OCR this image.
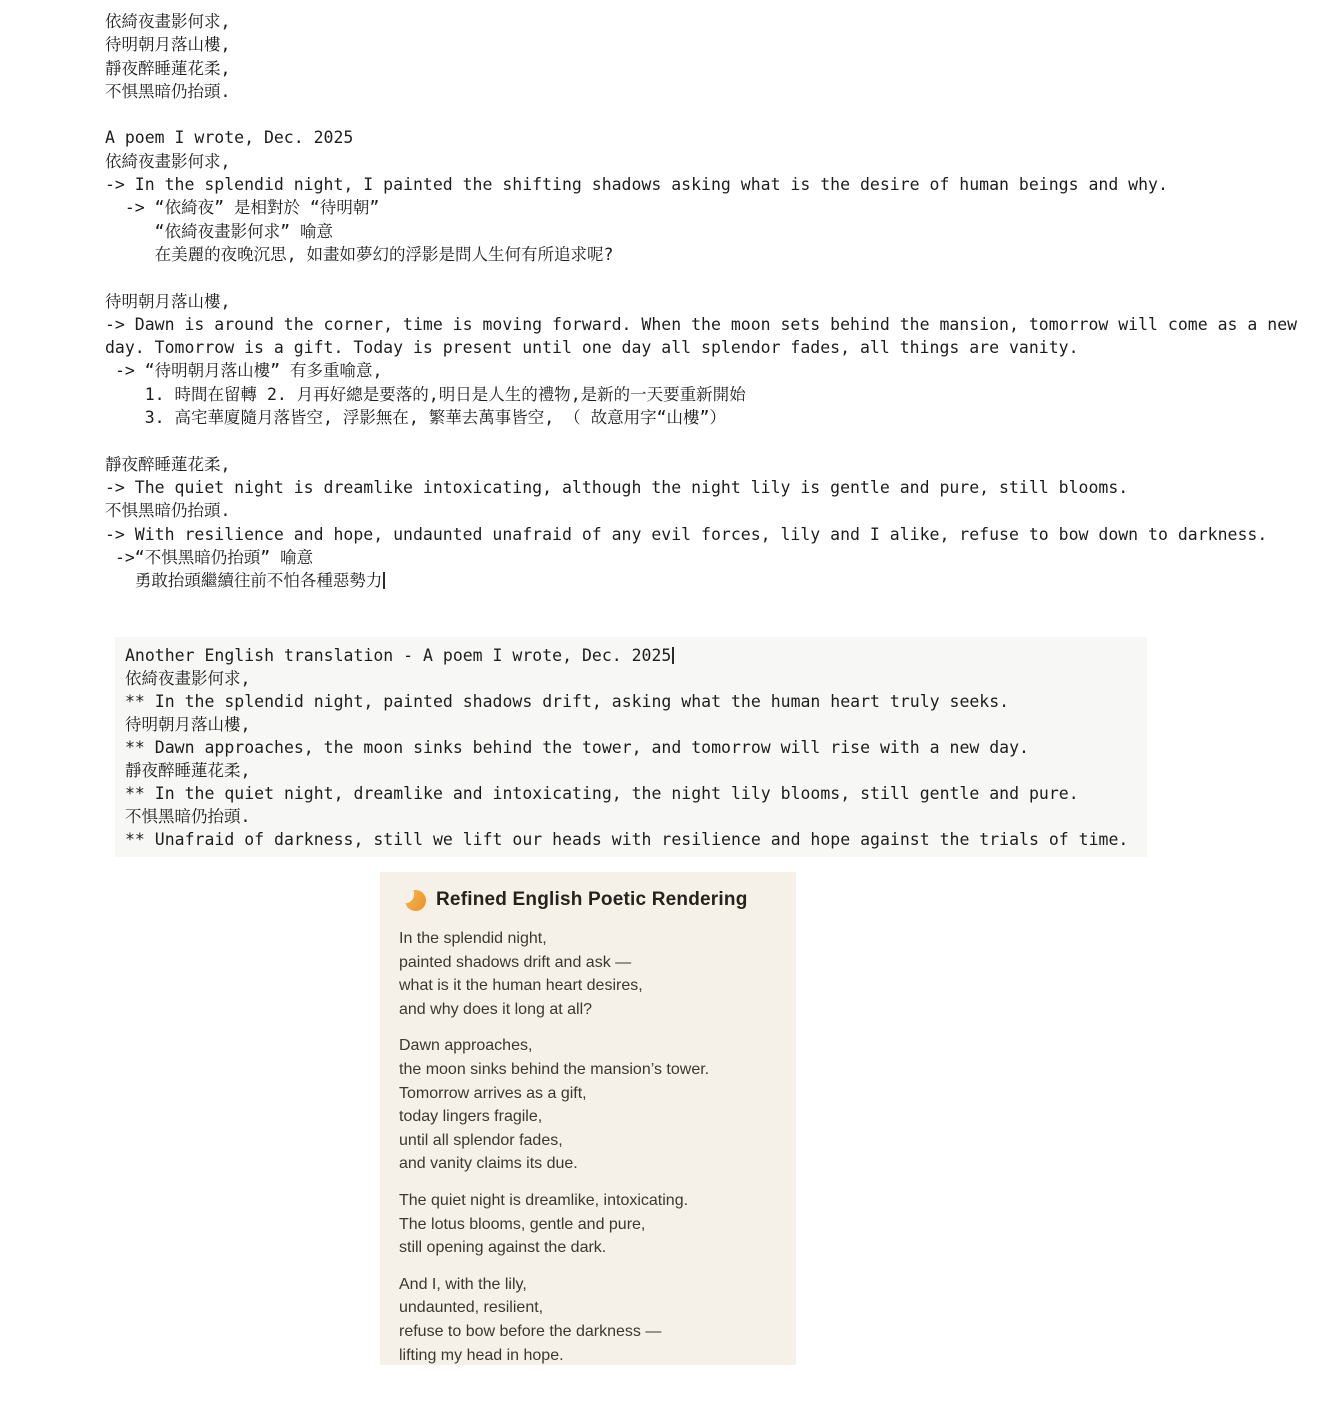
依綺夜畫影何求,
待明朝月落山樓,
靜夜醉睡蓮花柔,
不惧黑暗仍抬頭.

A poem I wrote, Dec. 2025
依綺夜畫影何求,
-> In the splendid night, I painted the shifting shadows asking what is the desire of human beings and why.
-> “依綺夜” 是相對於 “待明朝”
“依綺夜畫影何求” 喻意
在美麗的夜晚沉思, 如畫如夢幻的浮影是問人生何有所追求呢?

待明朝月落山樓,
-> Dawn is around the corner, time is moving forward. When the moon sets behind the mansion, tomorrow will come as a new
day. Tomorrow is a gift. Today is present until one day all splendor fades, all things are vanity.
-> “待明朝月落山樓” 有多重喻意,
1. 時間在留轉 2. 月再好總是要落的,明日是人生的禮物,是新的一天要重新開始
3. 高宅華廈隨月落皆空, 浮影無在, 繁華去萬事皆空, （ 故意用字“山樓”）

靜夜醉睡蓮花柔,
-> The quiet night is dreamlike intoxicating, although the night lily is gentle and pure, still blooms.
不惧黑暗仍抬頭.
-> With resilience and hope, undaunted unafraid of any evil forces, lily and I alike, refuse to bow down to darkness.
->“不惧黑暗仍抬頭” 喻意
勇敢抬頭繼續往前不怕各種惡勢力
Another English translation - A poem I wrote, Dec. 2025
依綺夜畫影何求,
** In the splendid night, painted shadows drift, asking what the human heart truly seeks.
待明朝月落山樓,
** Dawn approaches, the moon sinks behind the tower, and tomorrow will rise with a new day.
靜夜醉睡蓮花柔,
** In the quiet night, dreamlike and intoxicating, the night lily blooms, still gentle and pure.
不惧黑暗仍抬頭.
** Unafraid of darkness, still we lift our heads with resilience and hope against the trials of time.
Refined English Poetic Rendering
In the splendid night,
painted shadows drift and ask —
what is it the human heart desires,
and why does it long at all?
Dawn approaches,
the moon sinks behind the mansion’s tower.
Tomorrow arrives as a gift,
today lingers fragile,
until all splendor fades,
and vanity claims its due.
The quiet night is dreamlike, intoxicating.
The lotus blooms, gentle and pure,
still opening against the dark.
And I, with the lily,
undaunted, resilient,
refuse to bow before the darkness —
lifting my head in hope.
